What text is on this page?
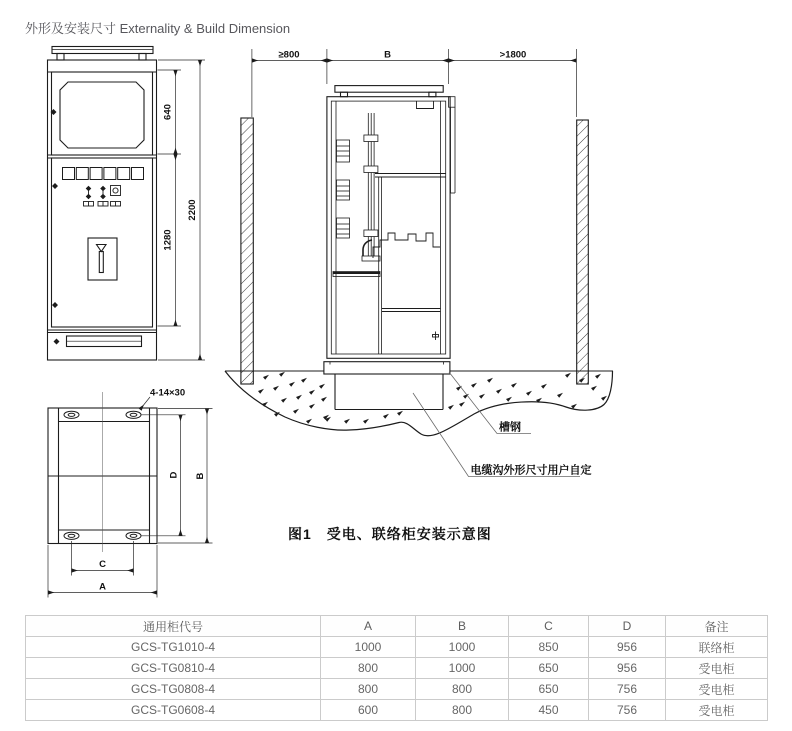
外形及安装尺寸 Externality & Build Dimension
640
1280
2200
4-14×30
C
A
D B
≥800	B	>1800
槽钢
电缆沟外形尺寸用户自定
图1　受电、联络柜安装示意图
通用柜代号	A	B	C	D	备注
GCS-TG1010-4	1000	1000	850	956	联络柜
GCS-TG0810-4	800	1000	650	956	受电柜
GCS-TG0808-4	800	800	650	756	受电柜
GCS-TG0608-4	600	800	450	756	受电柜
